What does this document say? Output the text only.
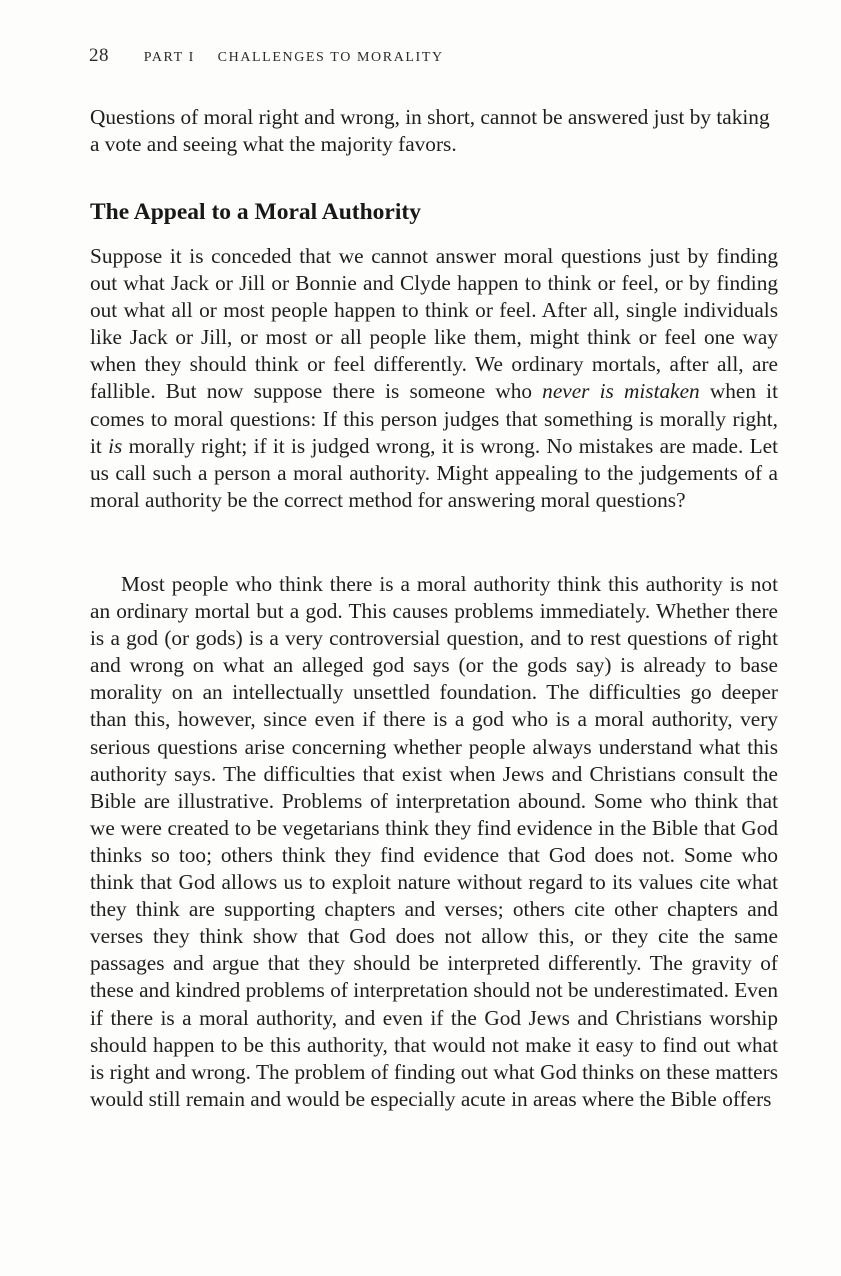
28 PART I CHALLENGES TO MORALITY

Questions of moral right and wrong, in short, cannot be answered just by taking a vote and seeing what the majority favors.

The Appeal to a Moral Authority

Suppose it is conceded that we cannot answer moral questions just by finding out what Jack or Jill or Bonnie and Clyde happen to think or feel, or by finding out what all or most people happen to think or feel. After all, single individuals like Jack or Jill, or most or all people like them, might think or feel one way when they should think or feel differently. We ordinary mortals, after all, are fallible. But now suppose there is someone who never is mistaken when it comes to moral questions: If this person judges that something is morally right, it is morally right; if it is judged wrong, it is wrong. No mistakes are made. Let us call such a person a moral authority. Might appealing to the judgements of a moral authority be the correct method for answering moral questions?

Most people who think there is a moral authority think this authority is not an ordinary mortal but a god. This causes problems immediately. Whether there is a god (or gods) is a very controversial question, and to rest questions of right and wrong on what an alleged god says (or the gods say) is already to base morality on an intellectually unsettled foundation. The difficulties go deeper than this, however, since even if there is a god who is a moral authority, very serious questions arise concerning whether people always understand what this authority says. The difficulties that exist when Jews and Christians consult the Bible are illustrative. Problems of interpretation abound. Some who think that we were created to be vegetarians think they find evidence in the Bible that God thinks so too; others think they find evidence that God does not. Some who think that God allows us to exploit nature without regard to its values cite what they think are supporting chapters and verses; others cite other chapters and verses they think show that God does not allow this, or they cite the same passages and argue that they should be interpreted differently. The gravity of these and kindred problems of interpretation should not be underestimated. Even if there is a moral authority, and even if the God Jews and Christians worship should happen to be this authority, that would not make it easy to find out what is right and wrong. The problem of finding out what God thinks on these matters would still remain and would be especially acute in areas where the Bible offers
